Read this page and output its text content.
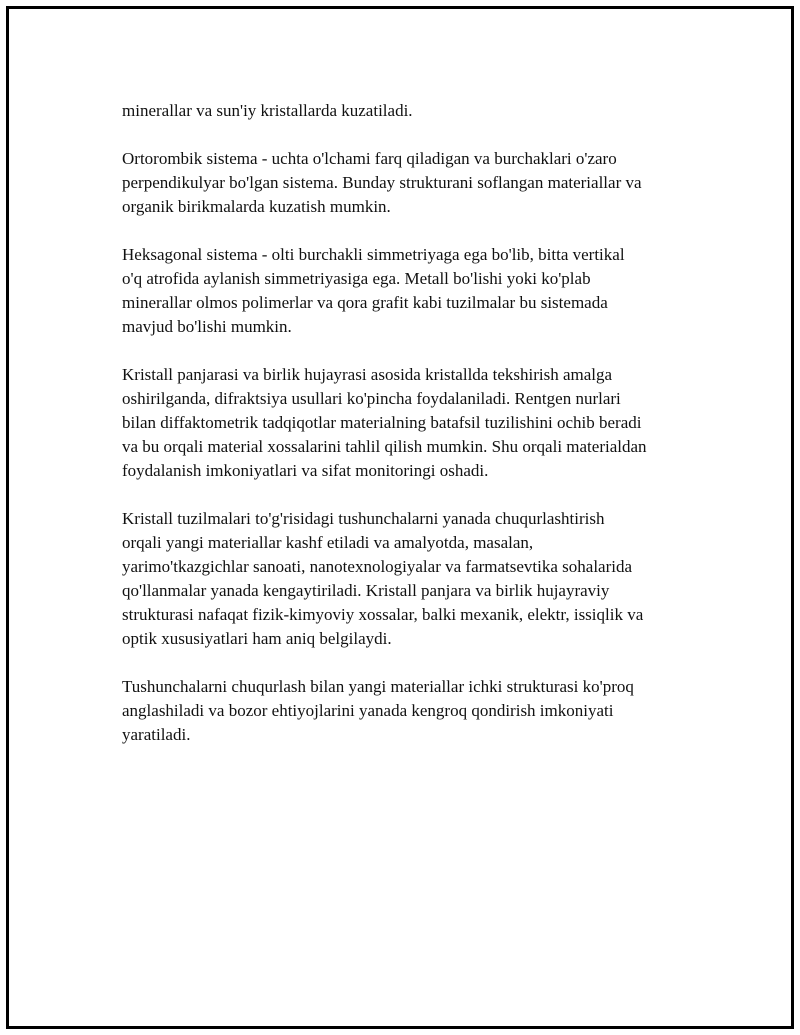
minerallar va sun'iy kristallarda kuzatiladi.

Ortorombik sistema - uchta o'lchami farq qiladigan va burchaklari o'zaro
perpendikulyar bo'lgan sistema. Bunday strukturani soflangan materiallar va
organik birikmalarda kuzatish mumkin.

Heksagonal sistema - olti burchakli simmetriyaga ega bo'lib, bitta vertikal
o'q atrofida aylanish simmetriyasiga ega. Metall bo'lishi yoki ko'plab
minerallar olmos polimerlar va qora grafit kabi tuzilmalar bu sistemada
mavjud bo'lishi mumkin.

Kristall panjarasi va birlik hujayrasi asosida kristallda tekshirish amalga
oshirilganda, difraktsiya usullari ko'pincha foydalaniladi. Rentgen nurlari
bilan diffaktometrik tadqiqotlar materialning batafsil tuzilishini ochib beradi
va bu orqali material xossalarini tahlil qilish mumkin. Shu orqali materialdan
foydalanish imkoniyatlari va sifat monitoringi oshadi.

Kristall tuzilmalari to'g'risidagi tushunchalarni yanada chuqurlashtirish
orqali yangi materiallar kashf etiladi va amalyotda, masalan,
yarimo'tkazgichlar sanoati, nanotexnologiyalar va farmatsevtika sohalarida
qo'llanmalar yanada kengaytiriladi. Kristall panjara va birlik hujayraviy
strukturasi nafaqat fizik-kimyoviy xossalar, balki mexanik, elektr, issiqlik va
optik xususiyatlari ham aniq belgilaydi.

Tushunchalarni chuqurlash bilan yangi materiallar ichki strukturasi ko'proq
anglashiladi va bozor ehtiyojlarini yanada kengroq qondirish imkoniyati
yaratiladi.
